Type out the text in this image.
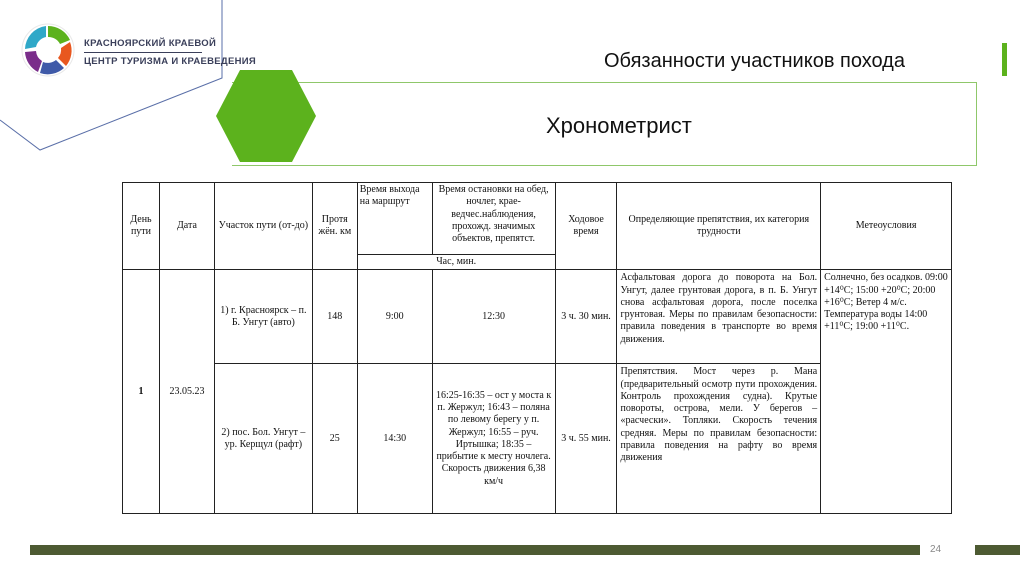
КРАСНОЯРСКИЙ КРАЕВОЙ
ЦЕНТР ТУРИЗМА И КРАЕВЕДЕНИЯ	Обязанности участников похода
Хронометрист
День пути	Дата	Участок пути (от-до)	Протя жён. км	Время выхода на маршрут	Время остановки на обед, ночлег, крае-ведчес.наблюдения, прохожд. значимых объектов, препятст.	Ходовое время	Определяющие препятствия, их категория трудности	Метеоусловия
				Час, мин.				
1	23.05.23	1) г. Красноярск – п. Б. Унгут (авто)	148	9:00	12:30	3 ч. 30 мин.	Асфальтовая дорога до поворота на Бол. Унгут, далее грунтовая дорога, в п. Б. Унгут снова асфальтовая дорога, после поселка грунтовая. Меры по правилам безопасности: правила поведения в транспорте во время движения.	Солнечно, без осадков. 09:00 +14⁰С; 15:00 +20⁰С; 20:00 +16⁰С; Ветер 4 м/с. Температура воды 14:00 +11⁰С; 19:00 +11⁰С.
		2) пос. Бол. Унгут – ур. Керщул (рафт)	25	14:30	16:25-16:35 – ост у моста к п. Жержул; 16:43 – поляна по левому берегу у п. Жержул; 16:55 – руч. Иртышка; 18:35 – прибытие к месту ночлега. Скорость движения 6,38 км/ч	3 ч. 55 мин.	Препятствия. Мост через р. Мана (предварительный осмотр пути прохождения. Контроль прохождения судна). Крутые повороты, острова, мели. У берегов – «расчески». Топляки. Скорость течения средняя. Меры по правилам безопасности: правила поведения на рафту во время движения	
24
